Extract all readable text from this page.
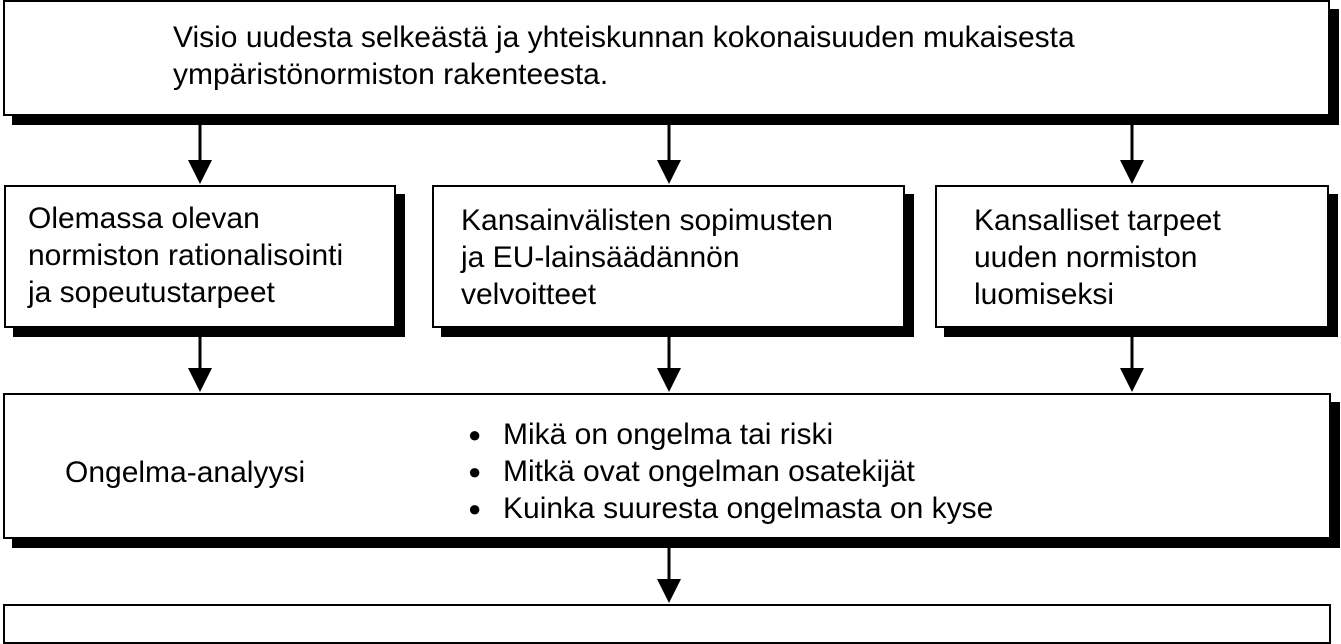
Visio uudesta selkeästä ja yhteiskunnan kokonaisuuden mukaisesta
ympäristönormiston rakenteesta.

Olemassa olevan
normiston rationalisointi
ja sopeutustarpeet

Kansainvälisten sopimusten
ja EU-lainsäädännön
velvoitteet

Kansalliset tarpeet
uuden normiston
luomiseksi

Ongelma-analyysi

● Mikä on ongelma tai riski
● Mitkä ovat ongelman osatekijät
● Kuinka suuresta ongelmasta on kyse
